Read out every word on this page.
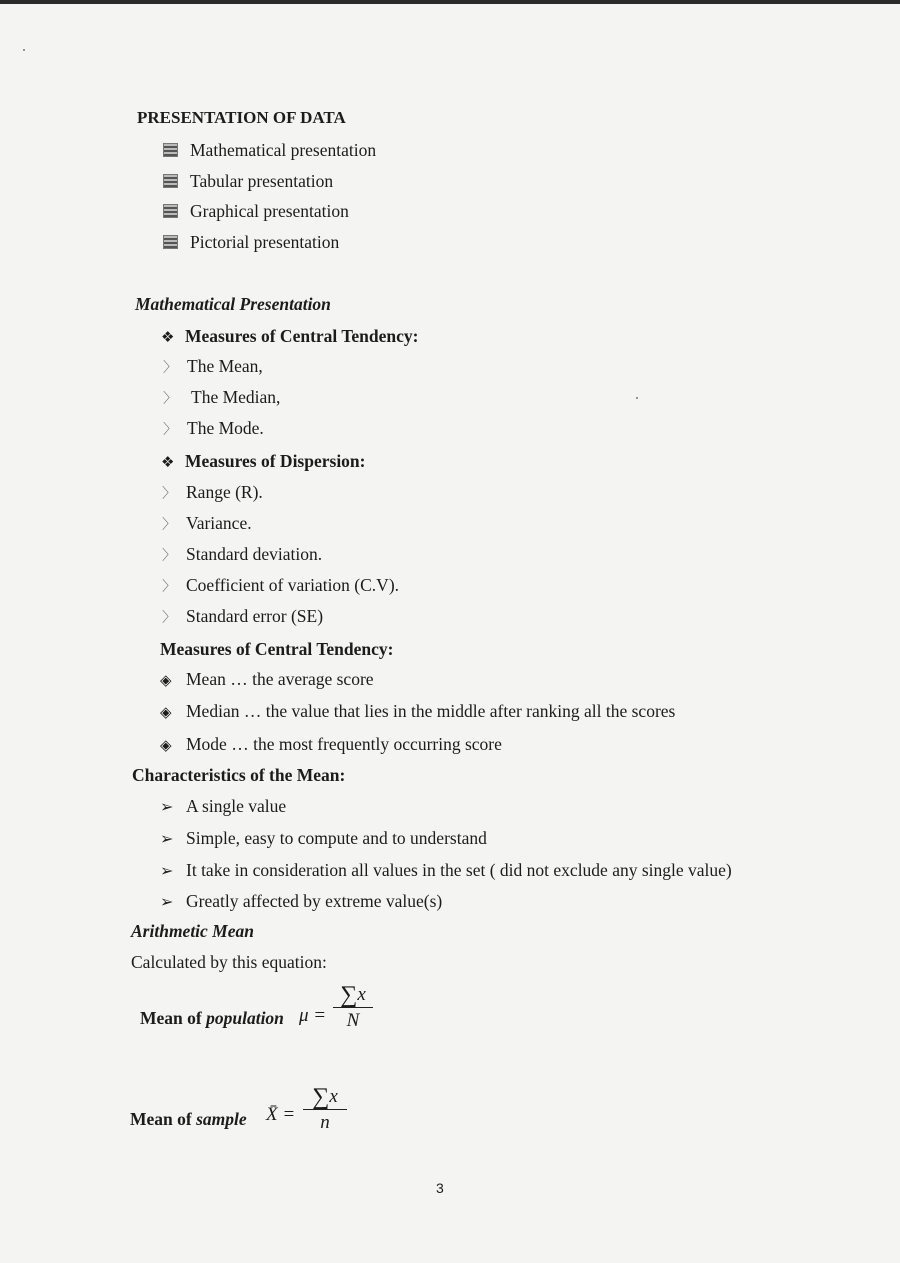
PRESENTATION OF DATA
Mathematical presentation
Tabular presentation
Graphical presentation
Pictorial presentation
Mathematical Presentation
❖ Measures of Central Tendency:
〉 The Mean,
〉 The Median,
〉 The Mode.
❖ Measures of Dispersion:
〉 Range (R).
〉 Variance.
〉 Standard deviation.
〉 Coefficient of variation (C.V).
〉 Standard error (SE)
Measures of Central Tendency:
◈ Mean … the average score
◈ Median … the value that lies in the middle after ranking all the scores
◈ Mode … the most frequently occurring score
Characteristics of the Mean:
➢ A single value
➢ Simple, easy to compute and to understand
➢ It take in consideration all values in the set ( did not exclude any single value)
➢ Greatly affected by extreme value(s)
Arithmetic Mean
Calculated by this equation:
Mean of population μ =
∑x
N
Mean of sample X̄ =
∑x
n
3
